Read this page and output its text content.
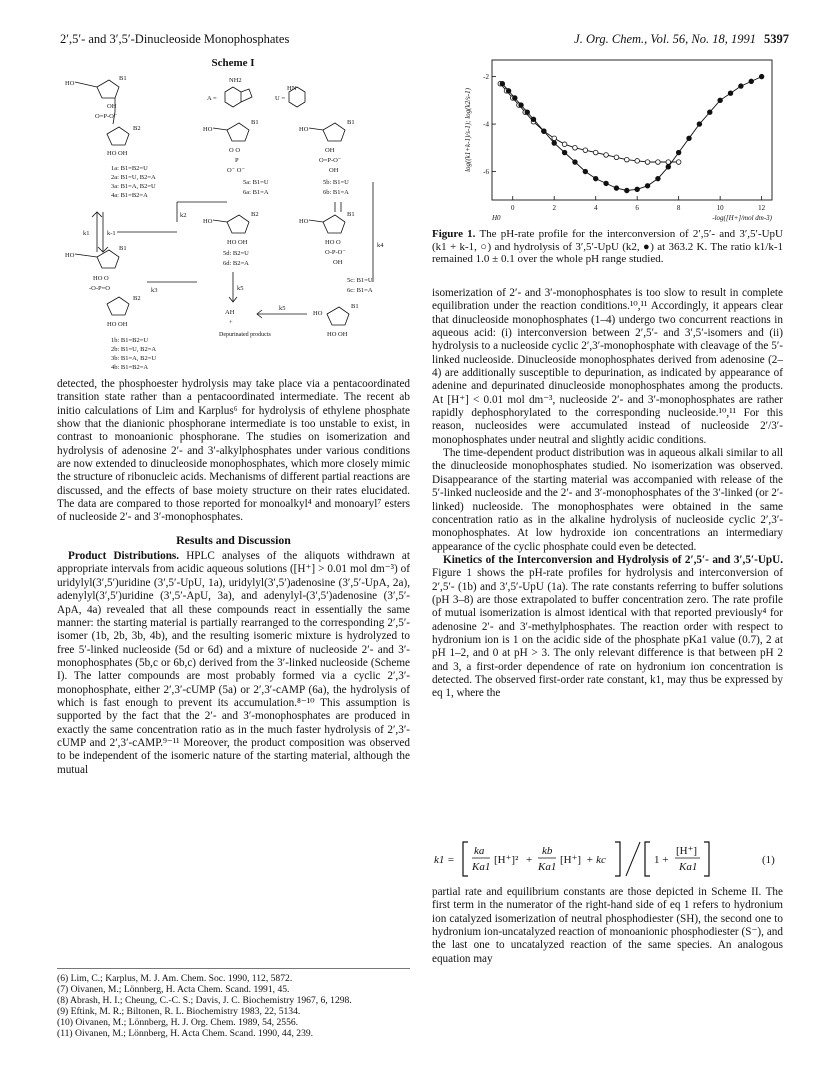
2′,5′- and 3′,5′-Dinucleoside Monophosphates	J. Org. Chem., Vol. 56, No. 18, 1991 5397
Scheme I
HO
B1
OH
O=P-O⁻
B2
HO OH
1a: B1=B2=U
2a: B1=U, B2=A
3a: B1=A, B2=U
4a: B1=B2=A
A =
NH2
U =
HN
HO
B1
O O
P
O⁻ O⁻
5a: B1=U
6a: B1=A
HO
B1
OH
O=P-O⁻
OH
5b: B1=U
6b: B1=A
k2
k1	k-1
HO
B2
HO OH
5d: B2=U
6d: B2=A
HO
B1
HO O
O-P-O⁻
OH
5c: B1=U
6c: B1=A
k4
HO
B1
HO O
-O-P=O
B2
HO OH
k3
1b: B1=B2=U
2b: B1=U, B2=A
3b: B1=A, B2=U
4b: B1=B2=A
k5
AH
+
Depurinated products
k5
HO
B1
HO OH
0	2	4	6	8	10	12
-2
-4
-6
-log([H+]/mol dm-3)
H0
log((k1+k-1)/s-1); log(k2/s-1)
Figure 1. The pH-rate profile for the interconversion of 2′,5′- and 3′,5′-UpU (k1 + k-1, ○) and hydrolysis of 3′,5′-UpU (k2, ●) at 363.2 K. The ratio k1/k-1 remained 1.0 ± 0.1 over the whole pH range studied.

detected, the phosphoester hydrolysis may take place via a pentacoordinated transition state rather than a pentacoordinated intermediate. The recent ab initio calculations of Lim and Karplus⁶ for hydrolysis of ethylene phosphate show that the dianionic phosphorane intermediate is too unstable to exist, in contrast to monoanionic phosphorane. The studies on isomerization and hydrolysis of adenosine 2′- and 3′-alkylphosphates under various conditions are now extended to dinucleoside monophosphates, which more closely mimic the structure of ribonucleic acids. Mechanisms of different partial reactions are discussed, and the effects of base moiety structure on their rates elucidated. The data are compared to those reported for monoalkyl⁴ and monoaryl⁷ esters of nucleoside 2′- and 3′-monophosphates.

Results and Discussion

Product Distributions. HPLC analyses of the aliquots withdrawn at appropriate intervals from acidic aqueous solutions ([H⁺] > 0.01 mol dm⁻³) of uridylyl(3′,5′)uridine (3′,5′-UpU, 1a), uridylyl(3′,5′)adenosine (3′,5′-UpA, 2a), adenylyl(3′,5′)uridine (3′,5′-ApU, 3a), and adenylyl-(3′,5′)adenosine (3′,5′-ApA, 4a) revealed that all these compounds react in essentially the same manner: the starting material is partially rearranged to the corresponding 2′,5′-isomer (1b, 2b, 3b, 4b), and the resulting isomeric mixture is hydrolyzed to free 5′-linked nucleoside (5d or 6d) and a mixture of nucleoside 2′- and 3′-monophosphates (5b,c or 6b,c) derived from the 3′-linked nucleoside (Scheme I). The latter compounds are most probably formed via a cyclic 2′,3′-monophosphate, either 2′,3′-cUMP (5a) or 2′,3′-cAMP (6a), the hydrolysis of which is fast enough to prevent its accumulation.⁸⁻¹⁰ This assumption is supported by the fact that the 2′- and 3′-monophosphates are produced in exactly the same concentration ratio as in the much faster hydrolysis of 2′,3′-cUMP and 2′,3′-cAMP.⁹⁻¹¹ Moreover, the product composition was observed to be independent of the isomeric nature of the starting material, although the mutual

(6) Lim, C.; Karplus, M. J. Am. Chem. Soc. 1990, 112, 5872.
(7) Oivanen, M.; Lönnberg, H. Acta Chem. Scand. 1991, 45.
(8) Abrash, H. I.; Cheung, C.-C. S.; Davis, J. C. Biochemistry 1967, 6, 1298.
(9) Eftink, M. R.; Biltonen, R. L. Biochemistry 1983, 22, 5134.
(10) Oivanen, M.; Lönnberg, H. J. Org. Chem. 1989, 54, 2556.
(11) Oivanen, M.; Lönnberg, H. Acta Chem. Scand. 1990, 44, 239.

isomerization of 2′- and 3′-monophosphates is too slow to result in complete equilibration under the reaction conditions.¹⁰,¹¹ Accordingly, it appears clear that dinucleoside monophosphates (1–4) undergo two concurrent reactions in aqueous acid: (i) interconversion between 2′,5′- and 3′,5′-isomers and (ii) hydrolysis to a nucleoside cyclic 2′,3′-monophosphate with cleavage of the 5′-linked nucleoside. Dinucleoside monophosphates derived from adenosine (2–4) are additionally susceptible to depurination, as indicated by appearance of adenine and depurinated dinucleoside monophosphates among the products. At [H⁺] < 0.01 mol dm⁻³, nucleoside 2′- and 3′-monophosphates are rather rapidly dephosphorylated to the corresponding nucleoside.¹⁰,¹¹ For this reason, nucleosides were accumulated instead of nucleoside 2′/3′-monophosphates under neutral and slightly acidic conditions.

The time-dependent product distribution was in aqueous alkali similar to all the dinucleoside monophosphates studied. No isomerization was observed. Disappearance of the starting material was accompanied with release of the 5′-linked nucleoside and the 2′- and 3′-monophosphates of the 3′-linked (or 2′-linked) nucleoside. The monophosphates were obtained in the same concentration ratio as in the alkaline hydrolysis of nucleoside cyclic 2′,3′-monophosphates. At low hydroxide ion concentrations an intermediary appearance of the cyclic phosphate could even be detected.

Kinetics of the Interconversion and Hydrolysis of 2′,5′- and 3′,5′-UpU. Figure 1 shows the pH-rate profiles for hydrolysis and interconversion of 2′,5′- (1b) and 3′,5′-UpU (1a). The rate constants referring to buffer solutions (pH 3–8) are those extrapolated to buffer concentration zero. The rate profile of mutual isomerization is almost identical with that reported previously⁴ for adenosine 2′- and 3′-methylphosphates. The reaction order with respect to hydronium ion is 1 on the acidic side of the phosphate pKa1 value (0.7), 2 at pH 1–2, and 0 at pH > 3. The only relevant difference is that between pH 2 and 3, a first-order dependence of rate on hydronium ion concentration is detected. The observed first-order rate constant, k1, may thus be expressed by eq 1, where the

k1 =
ka
Ka1
[H⁺]² +
kb
Ka1
[H⁺] + kc	1 +
[H⁺]
Ka1
(1)

partial rate and equilibrium constants are those depicted in Scheme II. The first term in the numerator of the right-hand side of eq 1 refers to hydronium ion catalyzed isomerization of neutral phosphodiester (SH), the second one to hydronium ion-uncatalyzed reaction of monoanionic phosphodiester (S⁻), and the last one to uncatalyzed reaction of the same species. An analogous equation may
